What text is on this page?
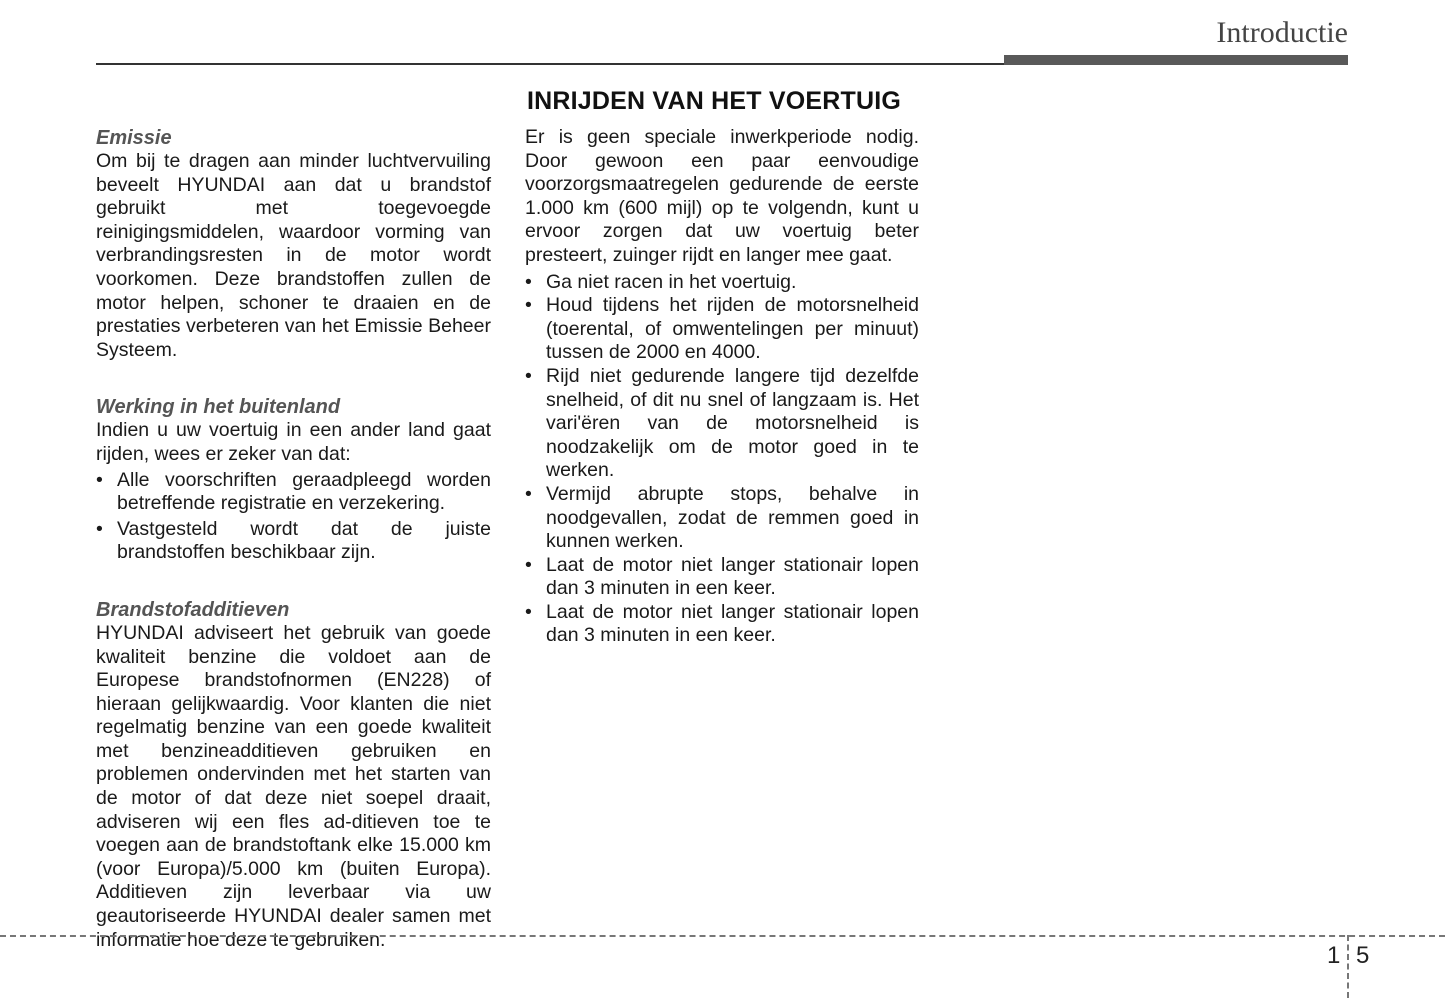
Introductie
INRIJDEN VAN HET VOERTUIG
Emissie

Om bij te dragen aan minder luchtvervuiling beveelt HYUNDAI aan dat u brandstof gebruikt met toegevoegde reinigingsmiddelen, waardoor vorming van verbrandingsresten in de motor wordt voorkomen. Deze brandstoffen zullen de motor helpen, schoner te draaien en de prestaties verbeteren van het Emissie Beheer Systeem.

Werking in het buitenland

Indien u uw voertuig in een ander land gaat rijden, wees er zeker van dat:

• Alle voorschriften geraadpleegd worden betreffende registratie en verzekering.
• Vastgesteld wordt dat de juiste brandstoffen beschikbaar zijn.
Brandstofadditieven

HYUNDAI adviseert het gebruik van goede kwaliteit benzine die voldoet aan de Europese brandstofnormen (EN228) of hieraan gelijkwaardig. Voor klanten die niet regelmatig benzine van een goede kwaliteit met benzineadditieven gebruiken en problemen ondervinden met het starten van de motor of dat deze niet soepel draait, adviseren wij een fles ad-ditieven toe te voegen aan de brandstoftank elke 15.000 km (voor Europa)/5.000 km (buiten Europa). Additieven zijn leverbaar via uw geautoriseerde HYUNDAI dealer samen met informatie hoe deze te gebruiken.

Er is geen speciale inwerkperiode nodig. Door gewoon een paar eenvoudige voorzorgsmaatregelen gedurende de eerste 1.000 km (600 mijl) op te volgendn, kunt u ervoor zorgen dat uw voertuig beter presteert, zuinger rijdt en langer mee gaat.

• Ga niet racen in het voertuig.
• Houd tijdens het rijden de motorsnelheid (toerental, of omwentelingen per minuut) tussen de 2000 en 4000.
• Rijd niet gedurende langere tijd dezelfde snelheid, of dit nu snel of langzaam is. Het vari'ëren van de motorsnelheid is noodzakelijk om de motor goed in te werken.
• Vermijd abrupte stops, behalve in noodgevallen, zodat de remmen goed in kunnen werken.
• Laat de motor niet langer stationair lopen dan 3 minuten in een keer.
• Laat de motor niet langer stationair lopen dan 3 minuten in een keer.
1 5
